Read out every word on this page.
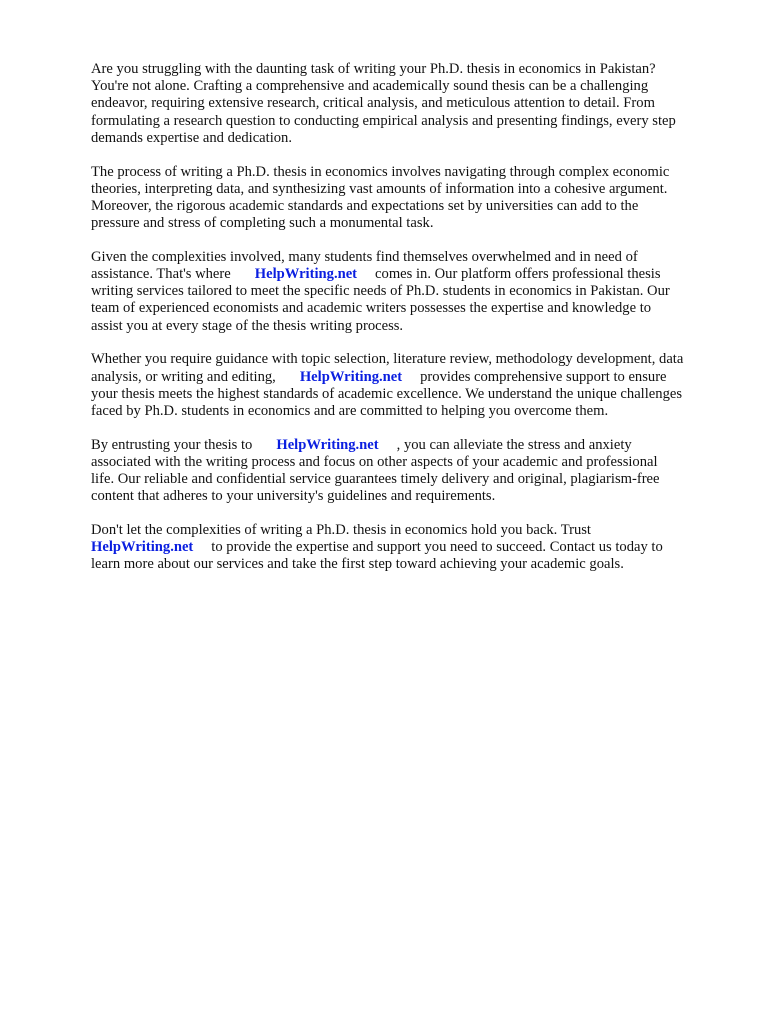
Are you struggling with the daunting task of writing your Ph.D. thesis in economics in Pakistan?
You're not alone. Crafting a comprehensive and academically sound thesis can be a challenging
endeavor, requiring extensive research, critical analysis, and meticulous attention to detail. From
formulating a research question to conducting empirical analysis and presenting findings, every step
demands expertise and dedication.

The process of writing a Ph.D. thesis in economics involves navigating through complex economic
theories, interpreting data, and synthesizing vast amounts of information into a cohesive argument.
Moreover, the rigorous academic standards and expectations set by universities can add to the
pressure and stress of completing such a monumental task.

Given the complexities involved, many students find themselves overwhelmed and in need of
assistance. That's where HelpWriting.net comes in. Our platform offers professional thesis
writing services tailored to meet the specific needs of Ph.D. students in economics in Pakistan. Our
team of experienced economists and academic writers possesses the expertise and knowledge to
assist you at every stage of the thesis writing process.

Whether you require guidance with topic selection, literature review, methodology development, data
analysis, or writing and editing, HelpWriting.net provides comprehensive support to ensure
your thesis meets the highest standards of academic excellence. We understand the unique challenges
faced by Ph.D. students in economics and are committed to helping you overcome them.

By entrusting your thesis to HelpWriting.net , you can alleviate the stress and anxiety
associated with the writing process and focus on other aspects of your academic and professional
life. Our reliable and confidential service guarantees timely delivery and original, plagiarism-free
content that adheres to your university's guidelines and requirements.

Don't let the complexities of writing a Ph.D. thesis in economics hold you back. Trust
HelpWriting.net to provide the expertise and support you need to succeed. Contact us today to
learn more about our services and take the first step toward achieving your academic goals.
